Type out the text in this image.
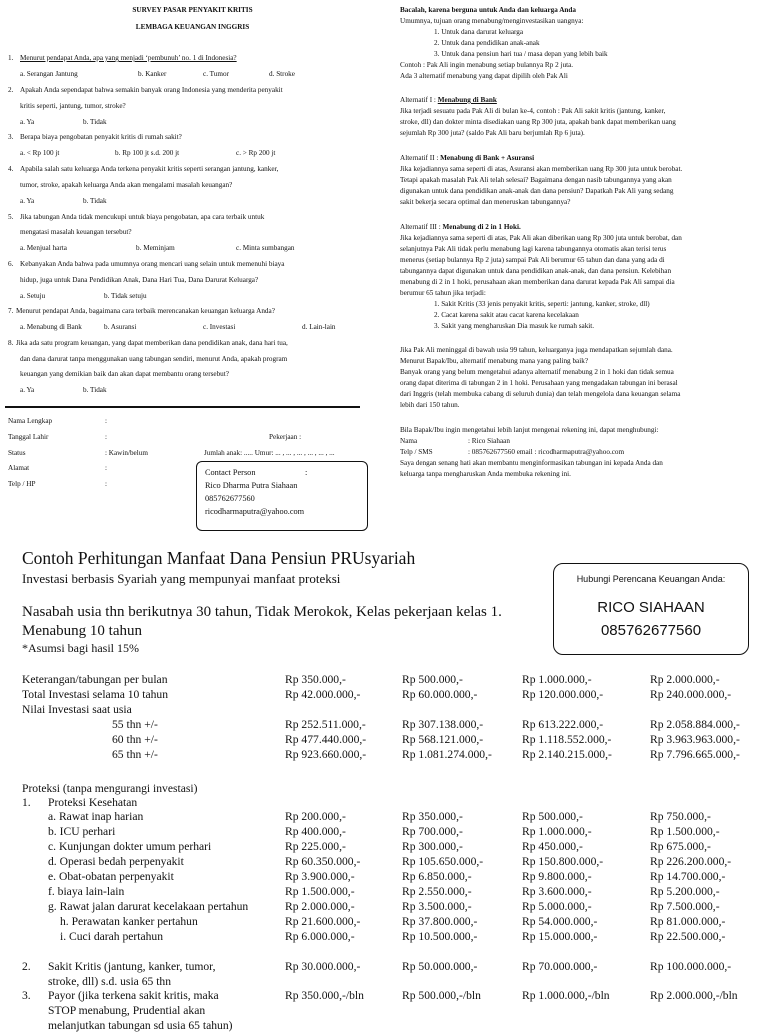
SURVEY PASAR PENYAKIT KRITIS
LEMBAGA KEUANGAN INGGRIS
1. Menurut pendapat Anda, apa yang menjadi ‘pembunuh’ no. 1 di Indonesia?
a. Serangan Jantung	b. Kanker	c. Tumor	d. Stroke
2. Apakah Anda sependapat bahwa semakin banyak orang Indonesia yang menderita penyakit
kritis seperti, jantung, tumor, stroke?
a. Ya	b. Tidak
3. Berapa biaya pengobatan penyakit kritis di rumah sakit?
a. < Rp 100 jt	b. Rp 100 jt s.d. 200 jt	c. > Rp 200 jt
4. Apabila salah satu keluarga Anda terkena penyakit kritis seperti serangan jantung, kanker,
tumor, stroke, apakah keluarga Anda akan mengalami masalah keuangan?
a. Ya	b. Tidak
5. Jika tabungan Anda tidak mencukupi untuk biaya pengobatan, apa cara terbaik untuk
mengatasi masalah keuangan tersebut?
a. Menjual harta	b. Meminjam	c. Minta sumbangan
6. Kebanyakan Anda bahwa pada umumnya orang mencari uang selain untuk memenuhi biaya
hidup, juga untuk Dana Pendidikan Anak, Dana Hari Tua, Dana Darurat Keluarga?
a. Setuju	b. Tidak setuju
7. Menurut pendapat Anda, bagaimana cara terbaik merencanakan keuangan keluarga Anda?
a. Menabung di Bank	b. Asuransi	c. Investasi	d. Lain-lain
8. Jika ada satu program keuangan, yang dapat memberikan dana pendidikan anak, dana hari tua,
dan dana darurat tanpa menggunakan uang tabungan sendiri, menurut Anda, apakah program
keuangan yang demikian baik dan akan dapat membantu orang tersebut?
a. Ya	b. Tidak
Nama Lengkap	:
Tanggal Lahir	:	Pekerjaan :
Status	: Kawin/belum	Jumlah anak: ..... Umur: ... , ... , ... , ... , ... , ...
Alamat	:
Telp / HP	:
Contact Person	:
Rico Dharma Putra Siahaan
085762677560
ricodharmaputra@yahoo.com
Bacalah, karena berguna untuk Anda dan keluarga Anda
Umumnya, tujuan orang menabung/menginvestasikan uangnya:
1. Untuk dana darurat keluarga
2. Untuk dana pendidikan anak-anak
3. Untuk dana pensiun hari tua / masa depan yang lebih baik
Contoh : Pak Ali ingin menabung setiap bulannya Rp 2 juta.
Ada 3 alternatif menabung yang dapat dipilih oleh Pak Ali
Alternatif I : Menabung di Bank
Jika terjadi sesuatu pada Pak Ali di bulan ke-4, contoh : Pak Ali sakit kritis (jantung, kanker,
stroke, dll) dan dokter minta disediakan uang Rp 300 juta, apakah bank dapat memberikan uang
sejumlah Rp 300 juta? (saldo Pak Ali baru berjumlah Rp 6 juta).
Alternatif II : Menabung di Bank + Asuransi
Jika kejadiannya sama seperti di atas, Asuransi akan memberikan uang Rp 300 juta untuk berobat.
Tetapi apakah masalah Pak Ali telah selesai? Bagaimana dengan nasib tabungannya yang akan
digunakan untuk dana pendidikan anak-anak dan dana pensiun? Dapatkah Pak Ali yang sedang
sakit bekerja secara optimal dan meneruskan tabungannya?
Alternatif III : Menabung di 2 in 1 Hoki.
Jika kejadiannya sama seperti di atas, Pak Ali akan diberikan uang Rp 300 juta untuk berobat, dan
selanjutnya Pak Ali tidak perlu menabung lagi karena tabungannya otomatis akan terisi terus
menerus (setiap bulannya Rp 2 juta) sampai Pak Ali berumur 65 tahun dan dana yang ada di
tabungannya dapat digunakan untuk dana pendidikan anak-anak, dan dana pensiun. Kelebihan
menabung di 2 in 1 hoki, perusahaan akan memberikan dana darurat kepada Pak Ali sampai dia
berumur 65 tahun jika terjadi:
1. Sakit Kritis (33 jenis penyakit kritis, seperti: jantung, kanker, stroke, dll)
2. Cacat karena sakit atau cacat karena kecelakaan
3. Sakit yang mengharuskan Dia masuk ke rumah sakit.
Jika Pak Ali meninggal di bawah usia 99 tahun, keluarganya juga mendapatkan sejumlah dana.
Menurut Bapak/Ibu, alternatif menabung mana yang paling baik?
Banyak orang yang belum mengetahui adanya alternatif menabung 2 in 1 hoki dan tidak semua
orang dapat diterima di tabungan 2 in 1 hoki. Perusahaan yang mengadakan tabungan ini berasal
dari Inggris (telah membuka cabang di seluruh dunia) dan telah mengelola dana keuangan selama
lebih dari 150 tahun.
Bila Bapak/Ibu ingin mengetahui lebih lanjut mengenai rekening ini, dapat menghubungi:
Nama	: Rico Siahaan
Telp / SMS	: 085762677560 email : ricodharmaputra@yahoo.com
Saya dengan senang hati akan membantu menginformasikan tabungan ini kepada Anda dan
keluarga tanpa mengharuskan Anda membuka rekening ini.
Contoh Perhitungan Manfaat Dana Pensiun PRUsyariah
Investasi berbasis Syariah yang mempunyai manfaat proteksi	Hubungi Perencana Keuangan Anda:
RICO SIAHAAN
085762677560
Nasabah usia thn berikutnya 30 tahun, Tidak Merokok, Kelas pekerjaan kelas 1.
Menabung 10 tahun
*Asumsi bagi hasil 15%
Keterangan/tabungan per bulan	Rp 350.000,-	Rp 500.000,-	Rp 1.000.000,-	Rp 2.000.000,-
Total Investasi selama 10 tahun	Rp 42.000.000,-	Rp 60.000.000,-	Rp 120.000.000,-	Rp 240.000.000,-
Nilai Investasi saat usia
55 thn +/-	Rp 252.511.000,-	Rp 307.138.000,-	Rp 613.222.000,-	Rp 2.058.884.000,-
60 thn +/-	Rp 477.440.000,-	Rp 568.121.000,-	Rp 1.118.552.000,-	Rp 3.963.963.000,-
65 thn +/-	Rp 923.660.000,-	Rp 1.081.274.000,-	Rp 2.140.215.000,-	Rp 7.796.665.000,-
Proteksi (tanpa mengurangi investasi)
1. Proteksi Kesehatan
a. Rawat inap harian	Rp 200.000,-	Rp 350.000,-	Rp 500.000,-	Rp 750.000,-
b. ICU perhari	Rp 400.000,-	Rp 700.000,-	Rp 1.000.000,-	Rp 1.500.000,-
c. Kunjungan dokter umum perhari	Rp 225.000,-	Rp 300.000,-	Rp 450.000,-	Rp 675.000,-
d. Operasi bedah perpenyakit	Rp 60.350.000,-	Rp 105.650.000,-	Rp 150.800.000,-	Rp 226.200.000,-
e. Obat-obatan perpenyakit	Rp 3.900.000,-	Rp 6.850.000,-	Rp 9.800.000,-	Rp 14.700.000,-
f. biaya lain-lain	Rp 1.500.000,-	Rp 2.550.000,-	Rp 3.600.000,-	Rp 5.200.000,-
g. Rawat jalan darurat kecelakaan pertahun	Rp 2.000.000,-	Rp 3.500.000,-	Rp 5.000.000,-	Rp 7.500.000,-
h. Perawatan kanker pertahun	Rp 21.600.000,-	Rp 37.800.000,-	Rp 54.000.000,-	Rp 81.000.000,-
i. Cuci darah pertahun	Rp 6.000.000,-	Rp 10.500.000,-	Rp 15.000.000,-	Rp 22.500.000,-
2. Sakit Kritis (jantung, kanker, tumor,
stroke, dll) s.d. usia 65 thn
Rp 30.000.000,-	Rp 50.000.000,-	Rp 70.000.000,-	Rp 100.000.000,-
3. Payor (jika terkena sakit kritis, maka
STOP menabung, Prudential akan
melanjutkan tabungan sd usia 65 tahun)
Rp 350.000,-/bln	Rp 500.000,-/bln	Rp 1.000.000,-/bln	Rp 2.000.000,-/bln
